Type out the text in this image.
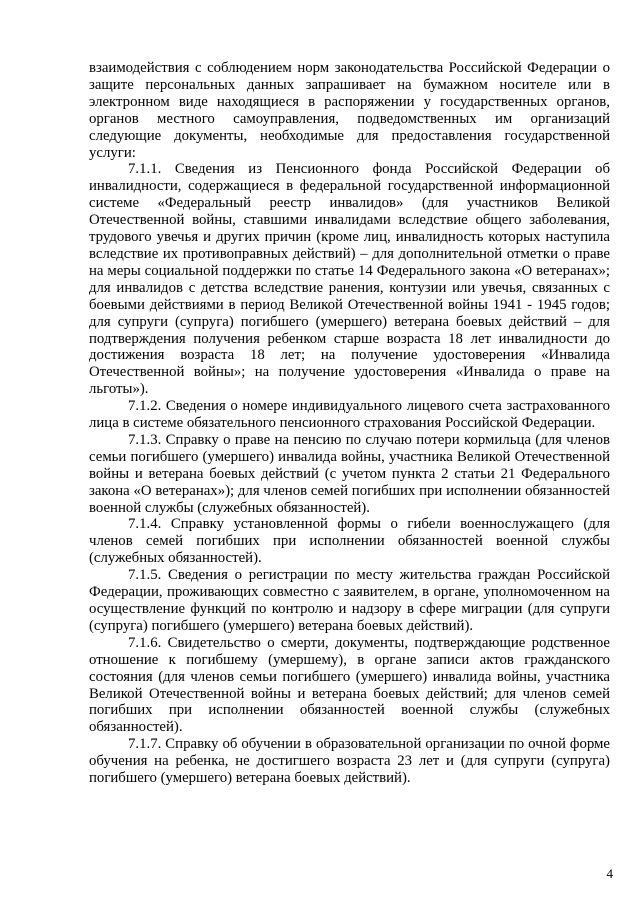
взаимодействия с соблюдением норм законодательства Российской Федерации о защите персональных данных запрашивает на бумажном носителе или в электронном виде находящиеся в распоряжении у государственных органов, органов местного самоуправления, подведомственных им организаций следующие документы, необходимые для предоставления государственной услуги:

7.1.1. Сведения из Пенсионного фонда Российской Федерации об инвалидности, содержащиеся в федеральной государственной информационной системе «Федеральный реестр инвалидов» (для участников Великой Отечественной войны, ставшими инвалидами вследствие общего заболевания, трудового увечья и других причин (кроме лиц, инвалидность которых наступила вследствие их противоправных действий) – для дополнительной отметки о праве на меры социальной поддержки по статье 14 Федерального закона «О ветеранах»; для инвалидов с детства вследствие ранения, контузии или увечья, связанных с боевыми действиями в период Великой Отечественной войны 1941 - 1945 годов; для супруги (супруга) погибшего (умершего) ветерана боевых действий – для подтверждения получения ребенком старше возраста 18 лет инвалидности до достижения возраста 18 лет; на получение удостоверения «Инвалида Отечественной войны»; на получение удостоверения «Инвалида о праве на льготы»).

7.1.2. Сведения о номере индивидуального лицевого счета застрахованного лица в системе обязательного пенсионного страхования Российской Федерации.

7.1.3. Справку о праве на пенсию по случаю потери кормильца (для членов семьи погибшего (умершего) инвалида войны, участника Великой Отечественной войны и ветерана боевых действий (с учетом пункта 2 статьи 21 Федерального закона «О ветеранах»); для членов семей погибших при исполнении обязанностей военной службы (служебных обязанностей).

7.1.4. Справку установленной формы о гибели военнослужащего (для членов семей погибших при исполнении обязанностей военной службы (служебных обязанностей).

7.1.5. Сведения о регистрации по месту жительства граждан Российской Федерации, проживающих совместно с заявителем, в органе, уполномоченном на осуществление функций по контролю и надзору в сфере миграции (для супруги (супруга) погибшего (умершего) ветерана боевых действий).

7.1.6. Свидетельство о смерти, документы, подтверждающие родственное отношение к погибшему (умершему), в органе записи актов гражданского состояния (для членов семьи погибшего (умершего) инвалида войны, участника Великой Отечественной войны и ветерана боевых действий; для членов семей погибших при исполнении обязанностей военной службы (служебных обязанностей).

7.1.7. Справку об обучении в образовательной организации по очной форме обучения на ребенка, не достигшего возраста 23 лет и (для супруги (супруга) погибшего (умершего) ветерана боевых действий).

4
